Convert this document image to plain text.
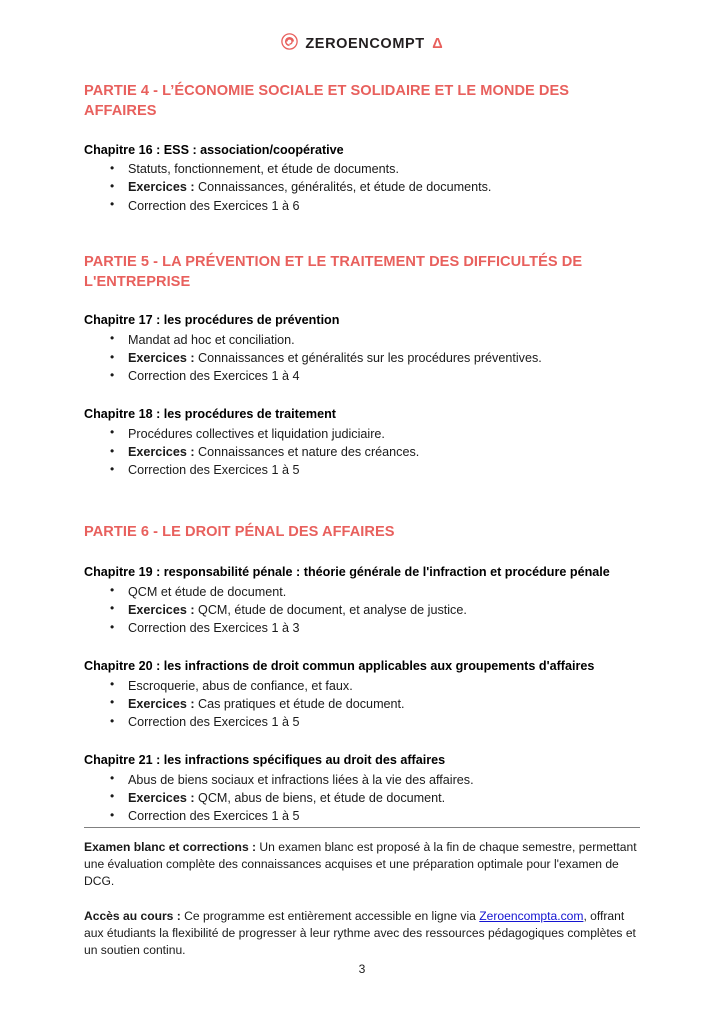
ZEROENCOMPT Δ
PARTIE 4 - L’ÉCONOMIE SOCIALE ET SOLIDAIRE ET LE MONDE DES AFFAIRES
Chapitre 16 : ESS : association/coopérative
• Statuts, fonctionnement, et étude de documents.
• Exercices : Connaissances, généralités, et étude de documents.
• Correction des Exercices 1 à 6
PARTIE 5 - LA PRÉVENTION ET LE TRAITEMENT DES DIFFICULTÉS DE L'ENTREPRISE
Chapitre 17 : les procédures de prévention
• Mandat ad hoc et conciliation.
• Exercices : Connaissances et généralités sur les procédures préventives.
• Correction des Exercices 1 à 4
Chapitre 18 : les procédures de traitement
• Procédures collectives et liquidation judiciaire.
• Exercices : Connaissances et nature des créances.
• Correction des Exercices 1 à 5
PARTIE 6 - LE DROIT PÉNAL DES AFFAIRES
Chapitre 19 : responsabilité pénale : théorie générale de l'infraction et procédure pénale
• QCM et étude de document.
• Exercices : QCM, étude de document, et analyse de justice.
• Correction des Exercices 1 à 3
Chapitre 20 : les infractions de droit commun applicables aux groupements d'affaires
• Escroquerie, abus de confiance, et faux.
• Exercices : Cas pratiques et étude de document.
• Correction des Exercices 1 à 5
Chapitre 21 : les infractions spécifiques au droit des affaires
• Abus de biens sociaux et infractions liées à la vie des affaires.
• Exercices : QCM, abus de biens, et étude de document.
• Correction des Exercices 1 à 5

Examen blanc et corrections : Un examen blanc est proposé à la fin de chaque semestre, permettant une évaluation complète des connaissances acquises et une préparation optimale pour l'examen de DCG.

Accès au cours : Ce programme est entièrement accessible en ligne via Zeroencompta.com, offrant aux étudiants la flexibilité de progresser à leur rythme avec des ressources pédagogiques complètes et un soutien continu.

3
